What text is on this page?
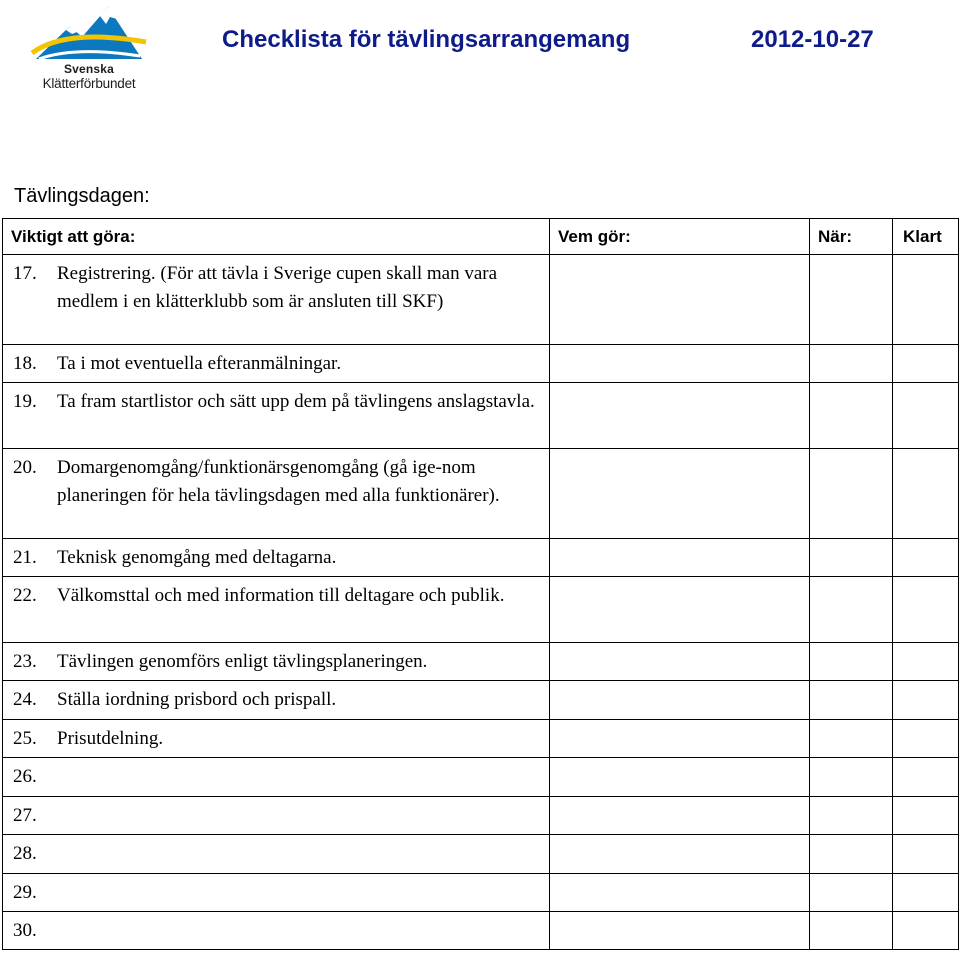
Svenska
Klätterförbundet
Checklista för tävlingsarrangemang	2012-10-27
Tävlingsdagen:
Viktigt att göra:	Vem gör:	När:	Klart

17. Registrering. (För att tävla i Sverige cupen skall man vara medlem i en klätterklubb som är ansluten till SKF)			

18. Ta i mot eventuella efteranmälningar.			

19. Ta fram startlistor och sätt upp dem på tävlingens anslagstavla.			

20. Domargenomgång/funktionärsgenomgång (gå ige-nom planeringen för hela tävlingsdagen med alla funktionärer).			

21. Teknisk genomgång med deltagarna.			

22. Välkomsttal och med information till deltagare och publik.			

23. Tävlingen genomförs enligt tävlingsplaneringen.			

24. Ställa iordning prisbord och prispall.			

25. Prisutdelning.			

26.			

27.			

28.			

29.			

30.			
